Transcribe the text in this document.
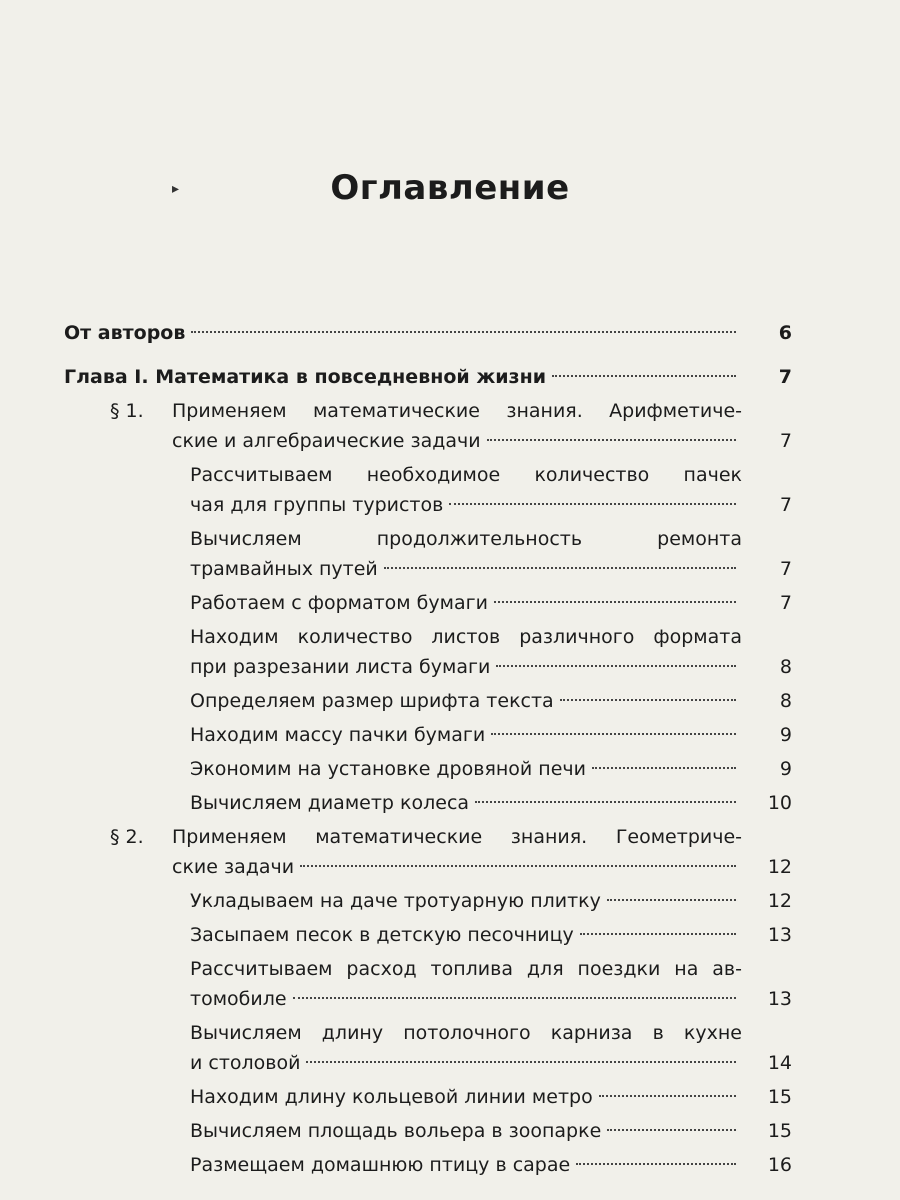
Оглавление
▸
От авторов	6
Глава I. Математика в повседневной жизни	7
§ 1. Применяем математические знания. Арифметиче-
ские и алгебраические задачи	7
Рассчитываем необходимое количество пачек
чая для группы туристов	7
Вычисляем продолжительность ремонта
трамвайных путей	7
Работаем с форматом бумаги	7
Находим количество листов различного формата
при разрезании листа бумаги	8
Определяем размер шрифта текста	8
Находим массу пачки бумаги	9
Экономим на установке дровяной печи	9
Вычисляем диаметр колеса	10
§ 2. Применяем математические знания. Геометриче-
ские задачи	12
Укладываем на даче тротуарную плитку	12
Засыпаем песок в детскую песочницу	13
Рассчитываем расход топлива для поездки на ав-
томобиле	13
Вычисляем длину потолочного карниза в кухне
и столовой	14
Находим длину кольцевой линии метро	15
Вычисляем площадь вольера в зоопарке	15
Размещаем домашнюю птицу в сарае	16
